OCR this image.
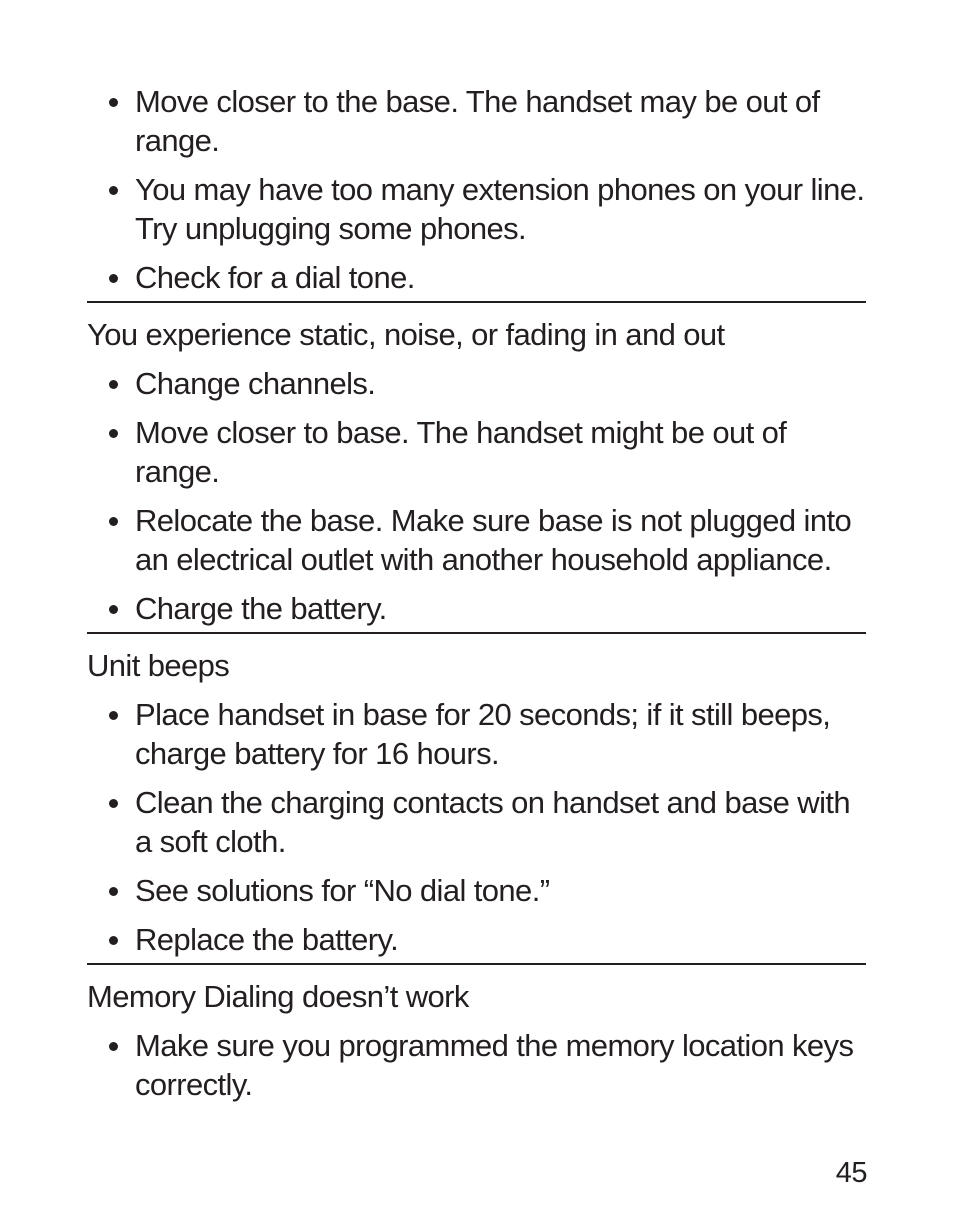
Move closer to the base. The handset may be out of range.
You may have too many extension phones on your line. Try unplugging some phones.
Check for a dial tone.
You experience static, noise, or fading in and out
Change channels.
Move closer to base. The handset might be out of range.
Relocate the base. Make sure base is not plugged into an electrical outlet with another household appliance.
Charge the battery.
Unit beeps
Place handset in base for 20 seconds; if it still beeps, charge battery for 16 hours.
Clean the charging contacts on handset and base with a soft cloth.
See solutions for “No dial tone.”
Replace the battery.
Memory Dialing doesn’t work
Make sure you programmed the memory location keys correctly.
45
